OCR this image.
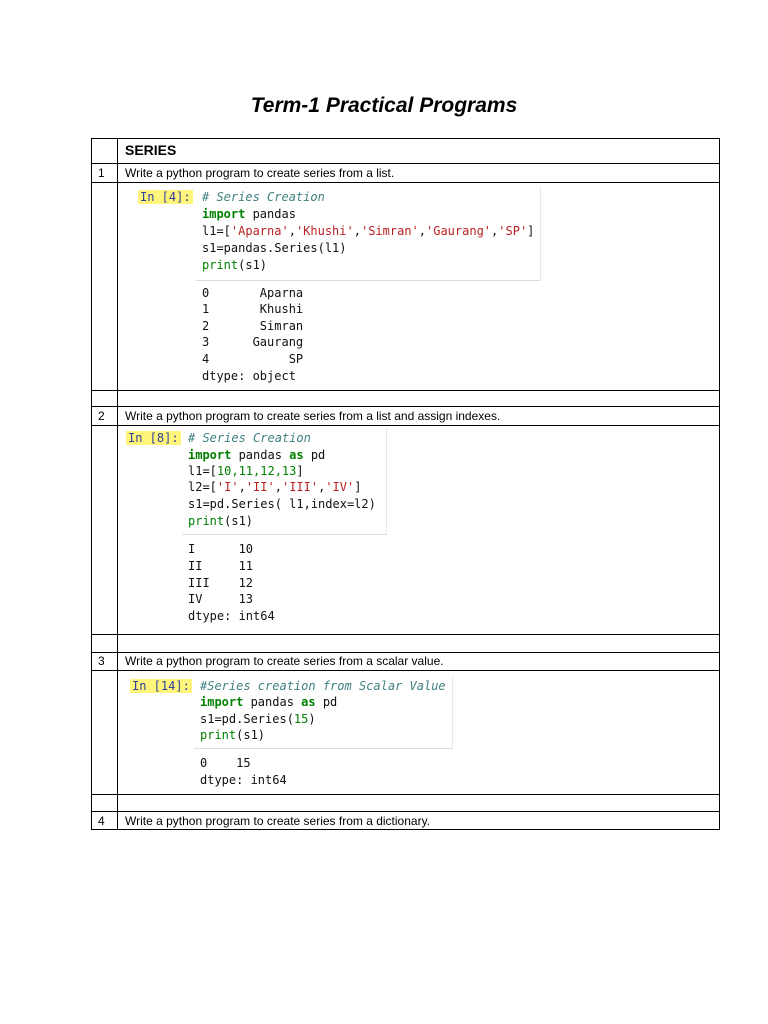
Term-1 Practical Programs
SERIES
1 Write a python program to create series from a list.
2 Write a python program to create series from a list and assign indexes.
3 Write a python program to create series from a scalar value.
4 Write a python program to create series from a dictionary.
In [4]: # Series Creation
import pandas
l1=['Aparna','Khushi','Simran','Gaurang','SP']
s1=pandas.Series(l1)
print(s1)
0       Aparna
1       Khushi
2       Simran
3      Gaurang
4           SP
dtype: object
In [8]: # Series Creation
import pandas as pd
l1=[10,11,12,13]
l2=['I','II','III','IV']
s1=pd.Series( l1,index=l2)
print(s1)
I      10
II     11
III    12
IV     13
dtype: int64
In [14]: #Series creation from Scalar Value
import pandas as pd
s1=pd.Series(15)
print(s1)
0    15
dtype: int64
